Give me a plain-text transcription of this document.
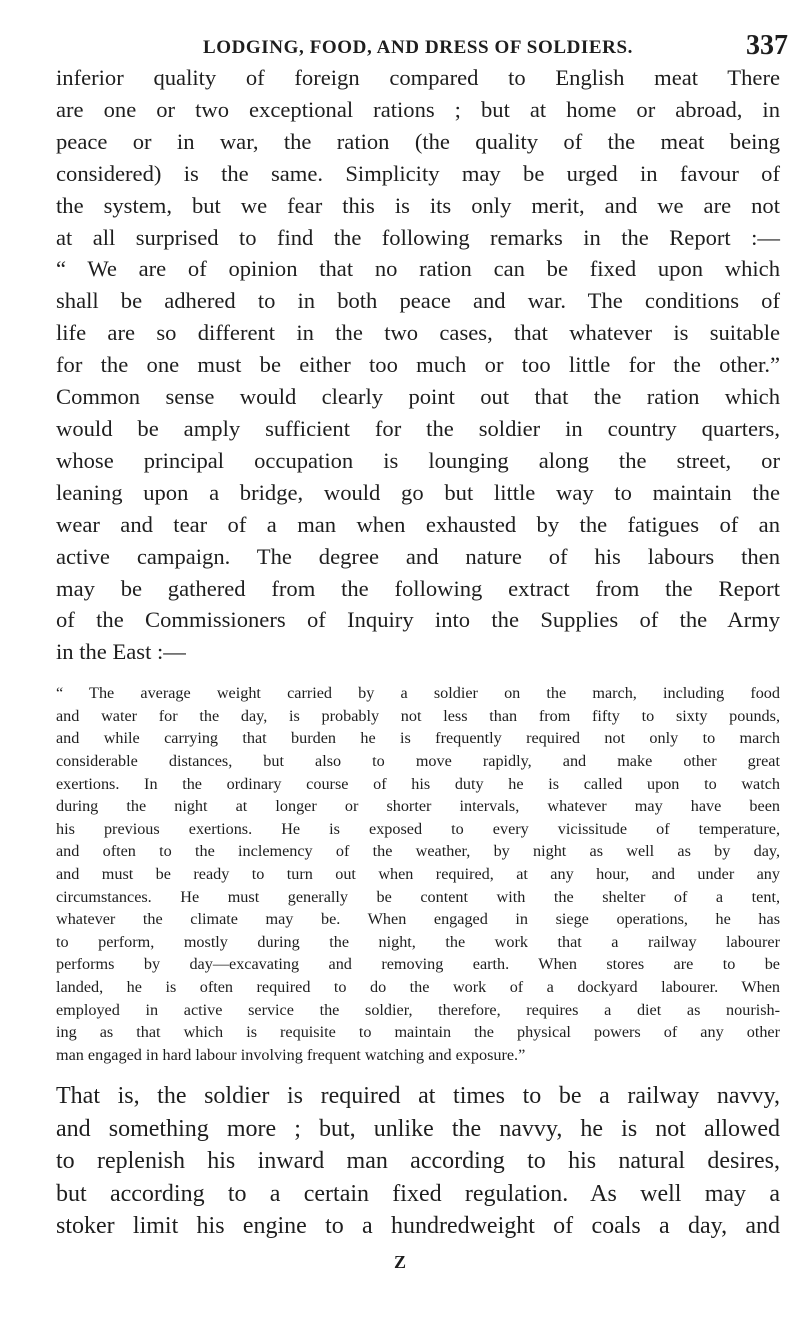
LODGING, FOOD, AND DRESS OF SOLDIERS.	337

inferior quality of foreign compared to English meat There
are one or two exceptional rations ; but at home or abroad, in
peace or in war, the ration (the quality of the meat being
considered) is the same. Simplicity may be urged in favour of
the system, but we fear this is its only merit, and we are not
at all surprised to find the following remarks in the Report :—
“ We are of opinion that no ration can be fixed upon which
shall be adhered to in both peace and war. The conditions of
life are so different in the two cases, that whatever is suitable
for the one must be either too much or too little for the other.”
Common sense would clearly point out that the ration which
would be amply sufficient for the soldier in country quarters,
whose principal occupation is lounging along the street, or
leaning upon a bridge, would go but little way to maintain the
wear and tear of a man when exhausted by the fatigues of an
active campaign. The degree and nature of his labours then
may be gathered from the following extract from the Report
of the Commissioners of Inquiry into the Supplies of the Army
in the East :—

“ The average weight carried by a soldier on the march, including food
and water for the day, is probably not less than from fifty to sixty pounds,
and while carrying that burden he is frequently required not only to march
considerable distances, but also to move rapidly, and make other great
exertions. In the ordinary course of his duty he is called upon to watch
during the night at longer or shorter intervals, whatever may have been
his previous exertions. He is exposed to every vicissitude of temperature,
and often to the inclemency of the weather, by night as well as by day,
and must be ready to turn out when required, at any hour, and under any
circumstances. He must generally be content with the shelter of a tent,
whatever the climate may be. When engaged in siege operations, he has
to perform, mostly during the night, the work that a railway labourer
performs by day—excavating and removing earth. When stores are to be
landed, he is often required to do the work of a dockyard labourer. When
employed in active service the soldier, therefore, requires a diet as nourish-
ing as that which is requisite to maintain the physical powers of any other
man engaged in hard labour involving frequent watching and exposure.”

That is, the soldier is required at times to be a railway navvy,
and something more ; but, unlike the navvy, he is not allowed
to replenish his inward man according to his natural desires,
but according to a certain fixed regulation. As well may a
stoker limit his engine to a hundredweight of coals a day, and

Z
